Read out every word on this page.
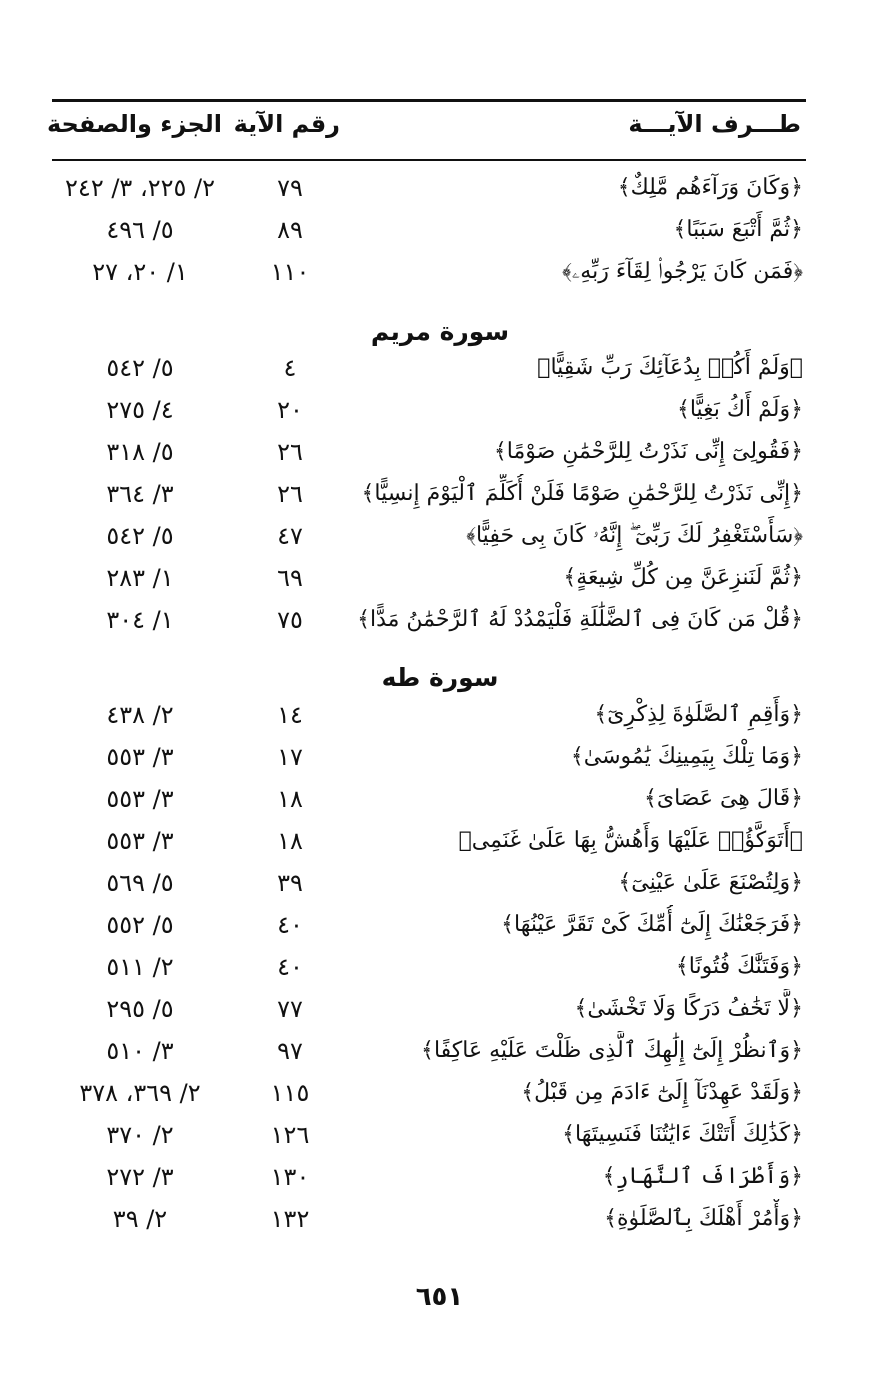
طـــرف الآيـــة
رقم الآية
الجزء والصفحة
﴿وَكَانَ وَرَآءَهُم مَّلِكٌ﴾
٧٩
٢/ ٢٢٥، ٣/ ٢٤٢
﴿ثُمَّ أَتْبَعَ سَبَبًا﴾
٨٩
٥/ ٤٩٦
﴿فَمَن كَانَ يَرْجُوا۟ لِقَآءَ رَبِّهِۦ﴾
١١٠
١/ ٢٠، ٢٧
سورة مريم
﴿وَلَمْ أَكُنۢ بِدُعَآئِكَ رَبِّ شَقِيًّا﴾
٤
٥/ ٥٤٢
﴿وَلَمْ أَكُ بَغِيًّا﴾
٢٠
٤/ ٢٧٥
﴿فَقُولِىٓ إِنِّى نَذَرْتُ لِلرَّحْمَٰنِ صَوْمًا﴾
٢٦
٥/ ٣١٨
﴿إِنِّى نَذَرْتُ لِلرَّحْمَٰنِ صَوْمًا فَلَنْ أُكَلِّمَ ٱلْيَوْمَ إِنسِيًّا﴾
٢٦
٣/ ٣٦٤
﴿سَأَسْتَغْفِرُ لَكَ رَبِّىٓ ۖ إِنَّهُۥ كَانَ بِى حَفِيًّا﴾
٤٧
٥/ ٥٤٢
﴿ثُمَّ لَنَنزِعَنَّ مِن كُلِّ شِيعَةٍ﴾
٦٩
١/ ٢٨٣
﴿قُلْ مَن كَانَ فِى ٱلضَّلَٰلَةِ فَلْيَمْدُدْ لَهُ ٱلرَّحْمَٰنُ مَدًّا﴾
٧٥
١/ ٣٠٤
سورة طه
﴿وَأَقِمِ ٱلصَّلَوٰةَ لِذِكْرِىٓ﴾
١٤
٢/ ٤٣٨
﴿وَمَا تِلْكَ بِيَمِينِكَ يَٰمُوسَىٰ﴾
١٧
٣/ ٥٥٣
﴿قَالَ هِىَ عَصَاىَ﴾
١٨
٣/ ٥٥٣
﴿أَتَوَكَّؤُا۟ عَلَيْهَا وَأَهُشُّ بِهَا عَلَىٰ غَنَمِى﴾
١٨
٣/ ٥٥٣
﴿وَلِتُصْنَعَ عَلَىٰ عَيْنِىٓ﴾
٣٩
٥/ ٥٦٩
﴿فَرَجَعْنَٰكَ إِلَىٰٓ أُمِّكَ كَىْ تَقَرَّ عَيْنُهَا﴾
٤٠
٥/ ٥٥٢
﴿وَفَتَنَّٰكَ فُتُونًا﴾
٤٠
٢/ ٥١١
﴿لَّا تَخَٰفُ دَرَكًا وَلَا تَخْشَىٰ﴾
٧٧
٥/ ٢٩٥
﴿وَٱنظُرْ إِلَىٰٓ إِلَٰهِكَ ٱلَّذِى ظَلْتَ عَلَيْهِ عَاكِفًا﴾
٩٧
٣/ ٥١٠
﴿وَلَقَدْ عَهِدْنَآ إِلَىٰٓ ءَادَمَ مِن قَبْلُ﴾
١١٥
٢/ ٣٦٩، ٣٧٨
﴿كَذَٰلِكَ أَتَتْكَ ءَايَٰتُنَا فَنَسِيتَهَا﴾
١٢٦
٢/ ٣٧٠
﴿وَأَطْرَافَ ٱلنَّهَارِ﴾
١٣٠
٣/ ٢٧٢
﴿وَأْمُرْ أَهْلَكَ بِٱلصَّلَوٰةِ﴾
١٣٢
٢/ ٣٩
٦٥١
